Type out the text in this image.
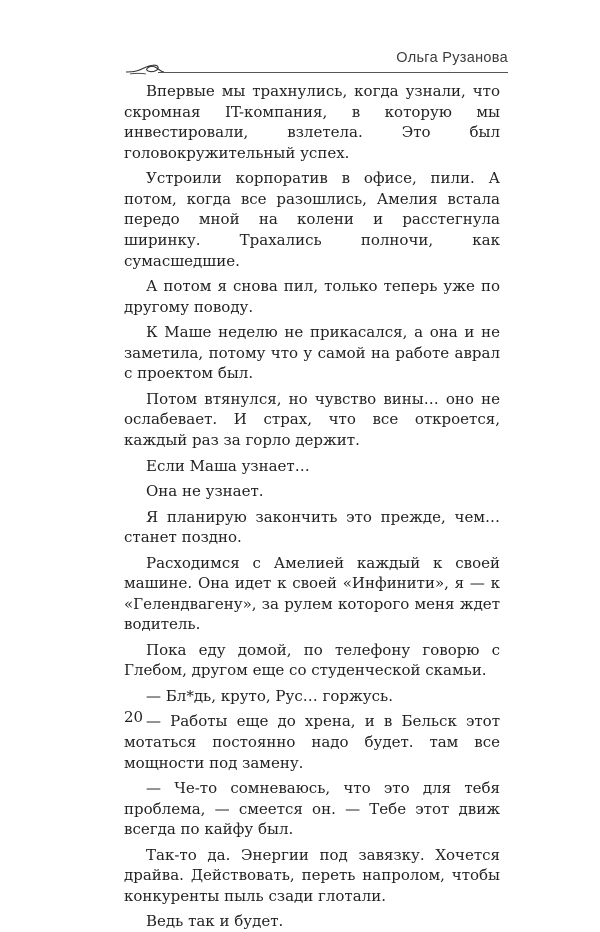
Ольга Рузанова

Впервые мы трахнулись, когда узнали, что скромная IT-компания, в которую мы инвестировали, взлетела. Это был головокружительный успех.

Устроили корпоратив в офисе, пили. А потом, когда все разошлись, Амелия встала передо мной на колени и расстегнула ширинку. Трахались полночи, как сумасшедшие.

А потом я снова пил, только теперь уже по другому поводу.

К Маше неделю не прикасался, а она и не заметила, потому что у самой на работе аврал с проектом был.

Потом втянулся, но чувство вины… оно не ослабевает. И страх, что все откроется, каждый раз за горло держит.

Если Маша узнает…

Она не узнает.

Я планирую закончить это прежде, чем… станет поздно.

Расходимся с Амелией каждый к своей машине. Она идет к своей «Инфинити», я — к «Гелендвагену», за рулем которого меня ждет водитель.

Пока еду домой, по телефону говорю с Глебом, другом еще со студенческой скамьи.

— Бл*дь, круто, Рус… горжусь.

— Работы еще до хрена, и в Бельск этот мотаться постоянно надо будет. там все мощности под замену.

— Че-то сомневаюсь, что это для тебя проблема, — смеется он. — Тебе этот движ всегда по кайфу был.

Так-то да. Энергии под завязку. Хочется драйва. Действовать, переть напролом, чтобы конкуренты пыль сзади глотали.

Ведь так и будет.

20
